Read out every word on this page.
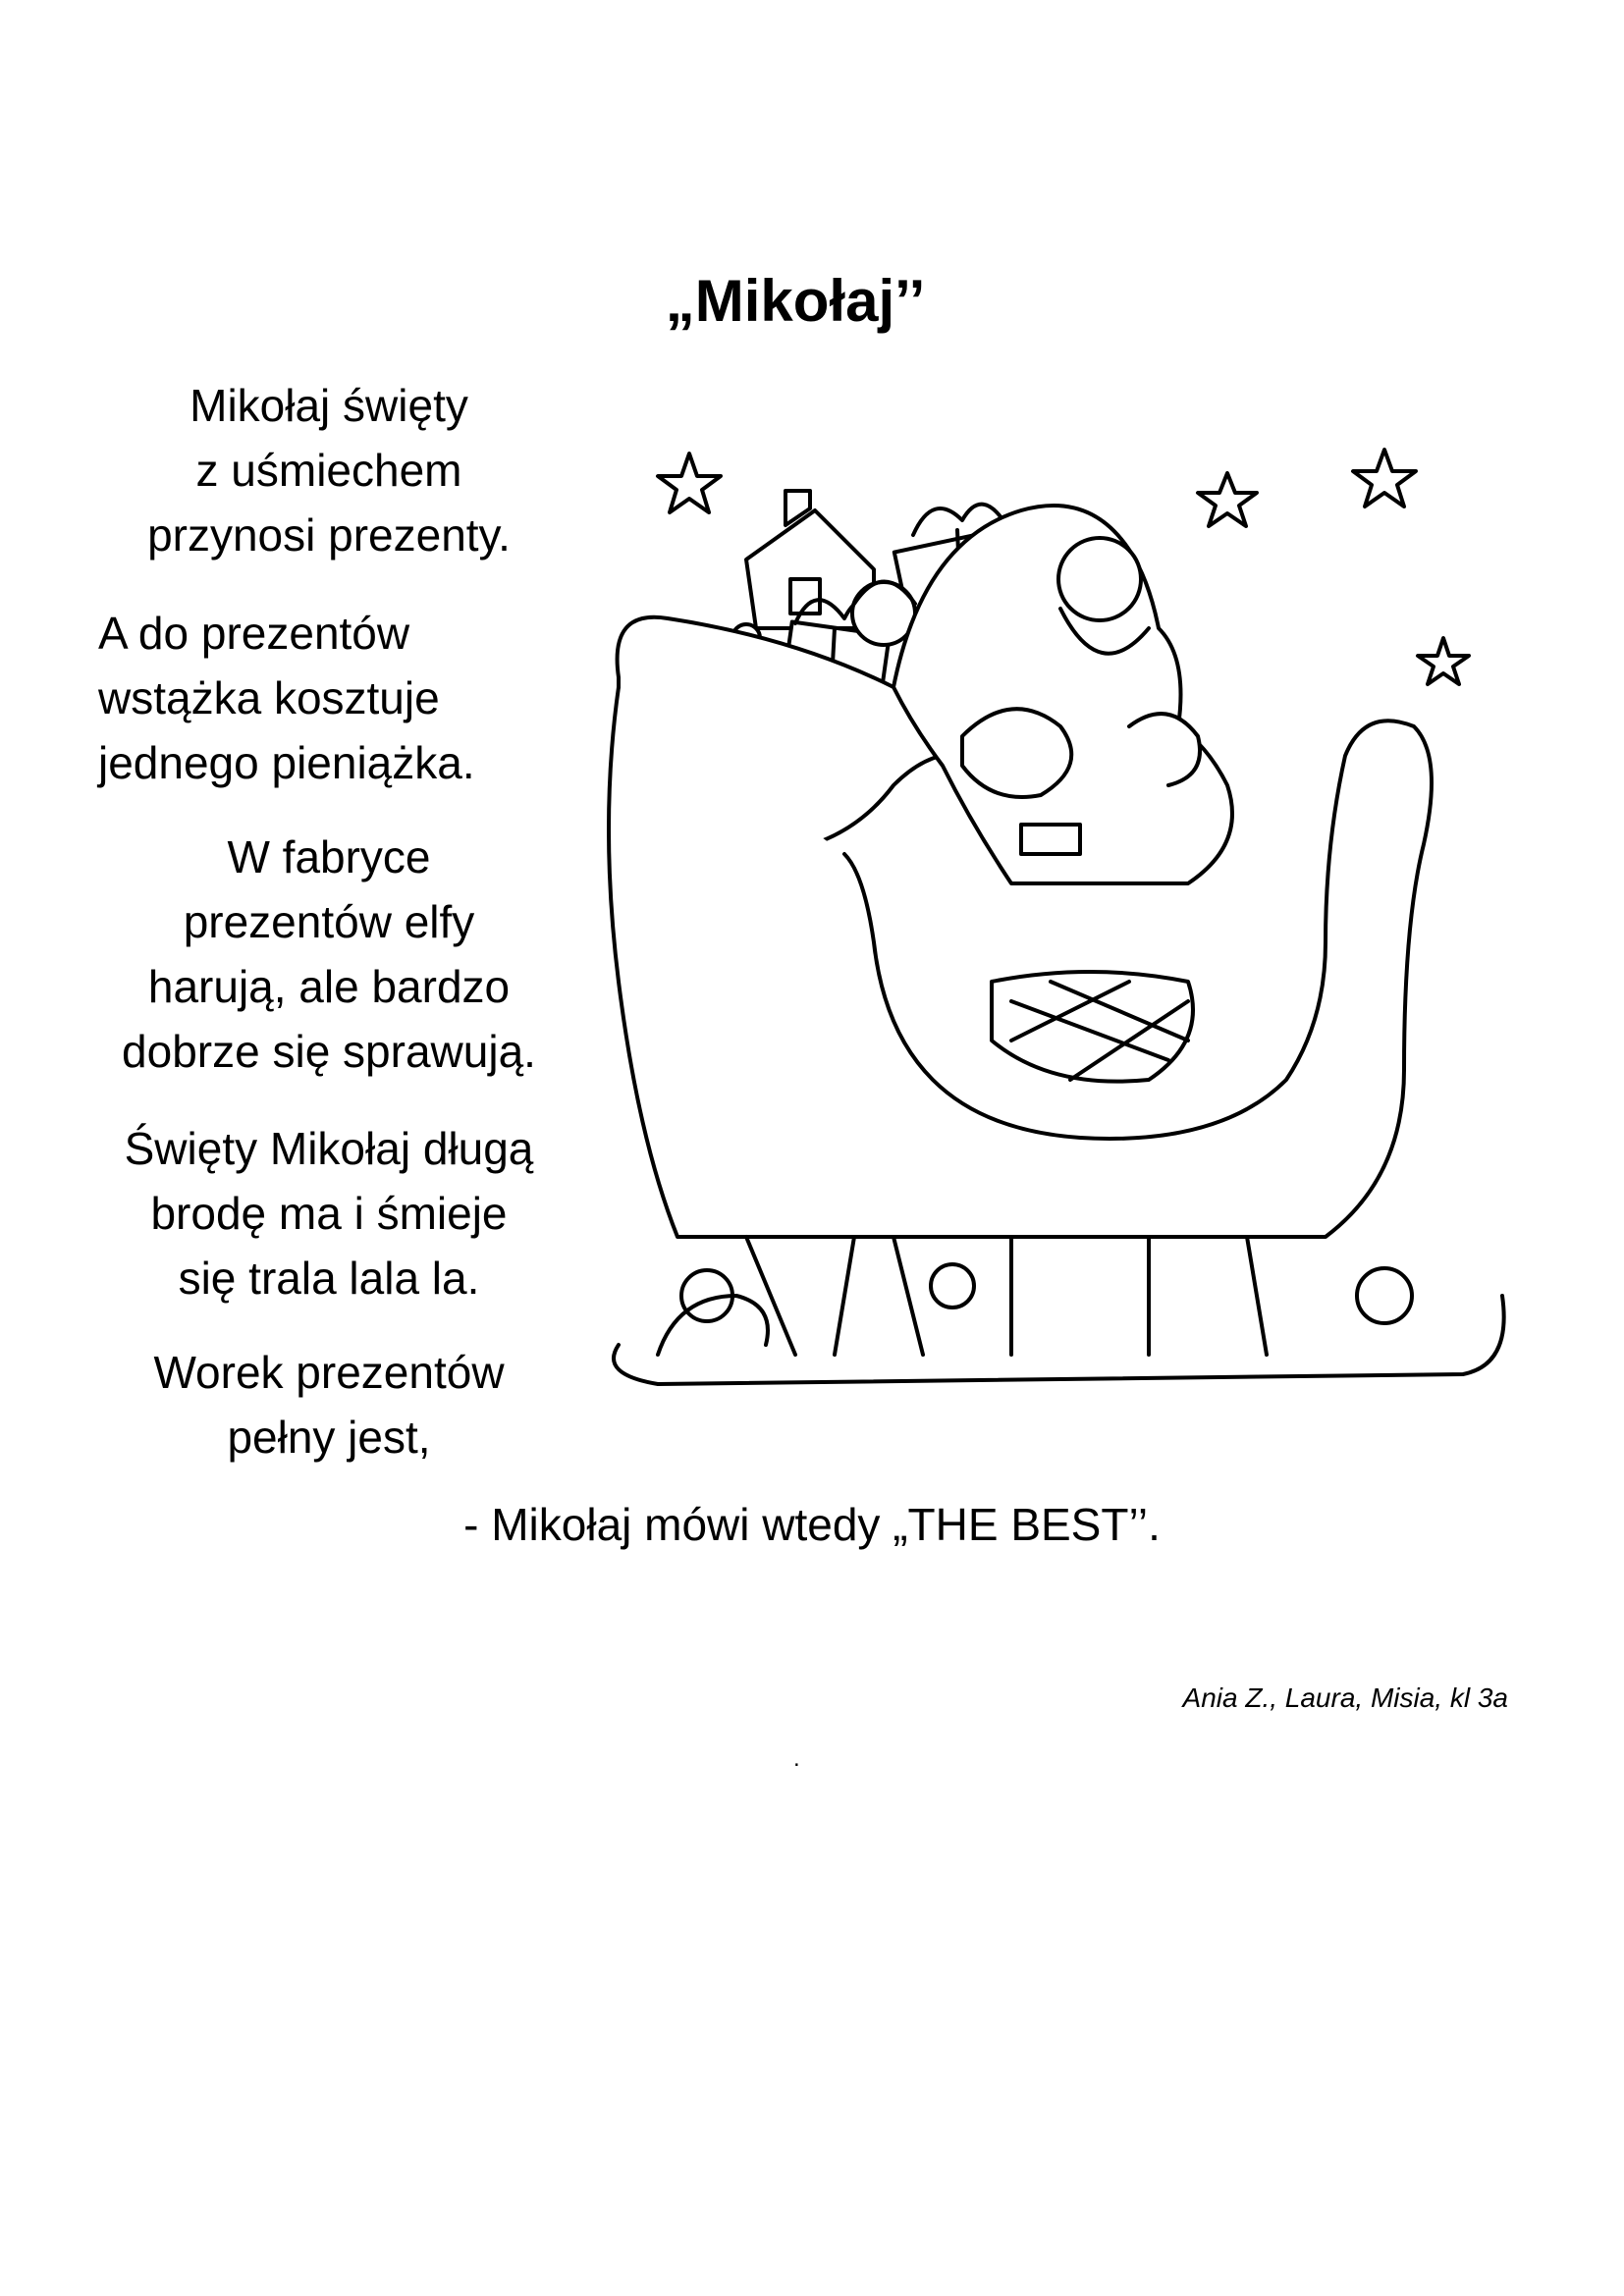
„Mikołaj’’
Mikołaj święty
z uśmiechem
przynosi prezenty.
A do prezentów
wstążka kosztuje
jednego pieniążka.
W fabryce
prezentów elfy
harują, ale bardzo
dobrze się sprawują.
Święty Mikołaj długą
brodę ma i śmieje
się trala lala la.
Worek prezentów
pełny jest,
- Mikołaj mówi wtedy „THE BEST’’.
Ania Z., Laura, Misia, kl 3a
.
